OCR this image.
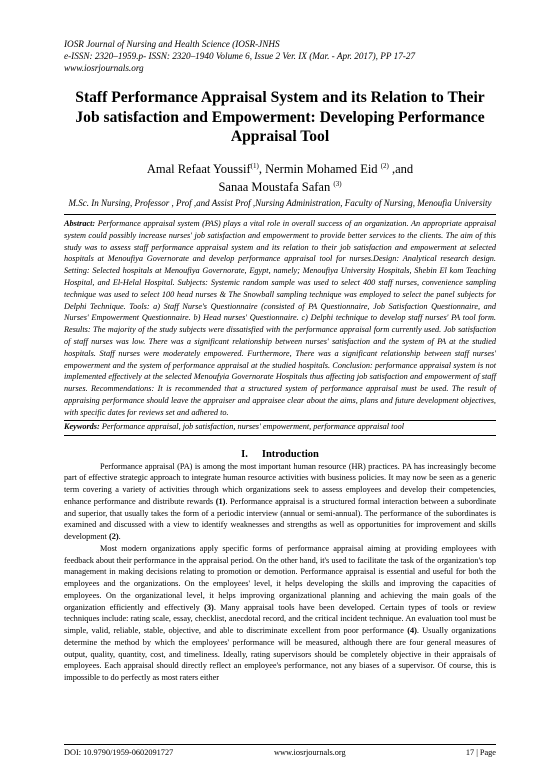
IOSR Journal of Nursing and Health Science (IOSR-JNHS
e-ISSN: 2320–1959.p- ISSN: 2320–1940 Volume 6, Issue 2 Ver. IX (Mar. - Apr. 2017), PP 17-27
www.iosrjournals.org
Staff Performance Appraisal System and its Relation to Their Job satisfaction and Empowerment: Developing Performance Appraisal Tool
Amal Refaat Youssif$^{(1)}$, Nermin Mohamed Eid $^{(2)}$ ,and
Sanaa Moustafa Safan $^{(3)}$
M.Sc. In Nursing, Professor , Prof ,and Assist Prof ,Nursing Administration, Faculty of Nursing, Menoufia University

Abstract: Performance appraisal system (PAS) plays a vital role in overall success of an organization. An appropriate appraisal system could possibly increase nurses' job satisfaction and empowerment to provide better services to the clients. The aim of this study was to assess staff performance appraisal system and its relation to their job satisfaction and empowerment at selected hospitals at Menoufiya Governorate and develop performance appraisal tool for nurses.Design: Analytical research design. Setting: Selected hospitals at Menoufiya Governorate, Egypt, namely; Menoufiya University Hospitals, Shebin El kom Teaching Hospital, and El-Helal Hospital. Subjects: Systemic random sample was used to select 400 staff nurses, convenience sampling technique was used to select 100 head nurses & The Snowball sampling technique was employed to select the panel subjects for Delphi Technique. Tools: a) Staff Nurse's Questionnaire (consisted of PA Questionnaire, Job Satisfaction Questionnaire, and Nurses' Empowerment Questionnaire. b) Head nurses' Questionnaire. c) Delphi technique to develop staff nurses' PA tool form. Results: The majority of the study subjects were dissatisfied with the performance appraisal form currently used. Job satisfaction of staff nurses was low. There was a significant relationship between nurses' satisfaction and the system of PA at the studied hospitals. Staff nurses were moderately empowered. Furthermore, There was a significant relationship between staff nurses' empowerment and the system of performance appraisal at the studied hospitals. Conclusion: performance appraisal system is not implemented effectively at the selected Menoufyia Governorate Hospitals thus affecting job satisfaction and empowerment of staff nurses. Recommendations: It is recommended that a structured system of performance appraisal must be used. The result of appraising performance should leave the appraiser and appraisee clear about the aims, plans and future development objectives, with specific dates for reviews set and adhered to.

Keywords: Performance appraisal, job satisfaction, nurses' empowerment, performance appraisal tool

I. Introduction

Performance appraisal (PA) is among the most important human resource (HR) practices. PA has increasingly become part of effective strategic approach to integrate human resource activities with business policies. It may now be seen as a generic term covering a variety of activities through which organizations seek to assess employees and develop their competencies, enhance performance and distribute rewards (1). Performance appraisal is a structured formal interaction between a subordinate and superior, that usually takes the form of a periodic interview (annual or semi-annual). The performance of the subordinates is examined and discussed with a view to identify weaknesses and strengths as well as opportunities for improvement and skills development (2).

Most modern organizations apply specific forms of performance appraisal aiming at providing employees with feedback about their performance in the appraisal period. On the other hand, it's used to facilitate the task of the organization's top management in making decisions relating to promotion or demotion. Performance appraisal is essential and useful for both the employees and the organizations. On the employees' level, it helps developing the skills and improving the capacities of employees. On the organizational level, it helps improving organizational planning and achieving the main goals of the organization efficiently and effectively (3). Many appraisal tools have been developed. Certain types of tools or review techniques include: rating scale, essay, checklist, anecdotal record, and the critical incident technique. An evaluation tool must be simple, valid, reliable, stable, objective, and able to discriminate excellent from poor performance (4). Usually organizations determine the method by which the employees' performance will be measured, although there are four general measures of output, quality, quantity, cost, and timeliness. Ideally, rating supervisors should be completely objective in their appraisals of employees. Each appraisal should directly reflect an employee's performance, not any biases of a supervisor. Of course, this is impossible to do perfectly as most raters either

DOI: 10.9790/1959-0602091727	www.iosrjournals.org	17 | Page
